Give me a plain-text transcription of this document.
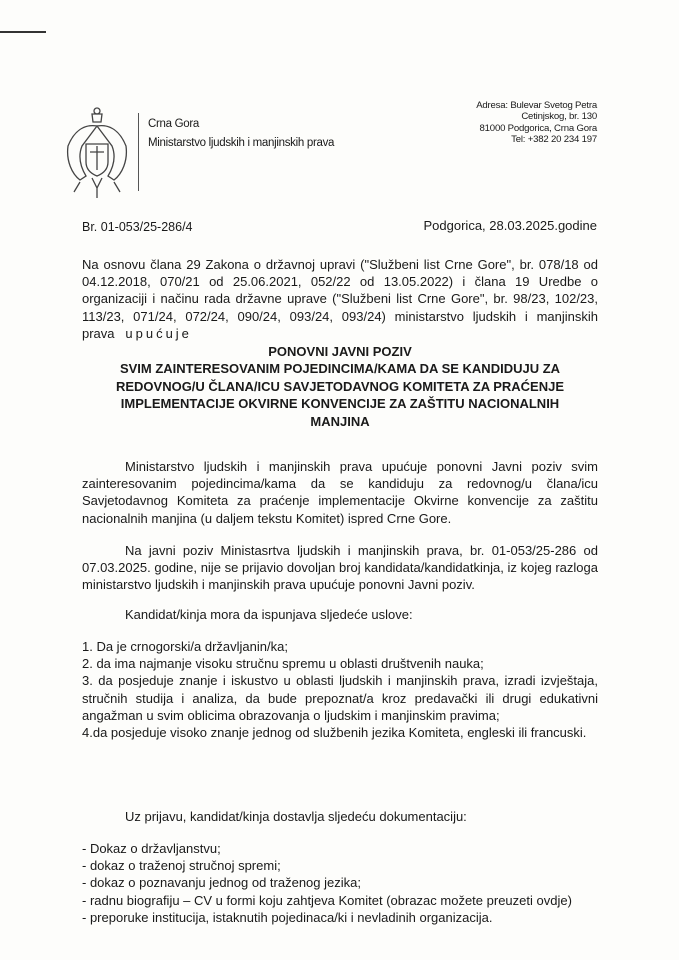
Crna Gora
Ministarstvo ljudskih i manjinskih prava
Adresa: Bulevar Svetog Petra
Cetinjskog, br. 130
81000 Podgorica, Crna Gora
Tel: +382 20 234 197
Br. 01-053/25-286/4	Podgorica, 28.03.2025.godine
Na osnovu člana 29 Zakona o državnoj upravi ("Službeni list Crne Gore", br. 078/18 od 04.12.2018, 070/21 od 25.06.2021, 052/22 od 13.05.2022) i člana 19 Uredbe o organizaciji i načinu rada državne uprave ("Službeni list Crne Gore", br. 98/23, 102/23, 113/23, 071/24, 072/24, 090/24, 093/24, 093/24) ministarstvo ljudskih i manjinskih prava upućuje
PONOVNI JAVNI POZIV
SVIM ZAINTERESOVANIM POJEDINCIMA/KAMA DA SE KANDIDUJU ZA
REDOVNOG/U ČLANA/ICU SAVJETODAVNOG KOMITETA ZA PRAĆENJE
IMPLEMENTACIJE OKVIRNE KONVENCIJE ZA ZAŠTITU NACIONALNIH
MANJINA

Ministarstvo ljudskih i manjinskih prava upućuje ponovni Javni poziv svim zainteresovanim pojedincima/kama da se kandiduju za redovnog/u člana/icu Savjetodavnog Komiteta za praćenje implementacije Okvirne konvencije za zaštitu nacionalnih manjina (u daljem tekstu Komitet) ispred Crne Gore.

Na javni poziv Ministasrtva ljudskih i manjinskih prava, br. 01-053/25-286 od 07.03.2025. godine, nije se prijavio dovoljan broj kandidata/kandidatkinja, iz kojeg razloga ministarstvo ljudskih i manjinskih prava upućuje ponovni Javni poziv.

Kandidat/kinja mora da ispunjava sljedeće uslove:

1. Da je crnogorski/a državljanin/ka;
2. da ima najmanje visoku stručnu spremu u oblasti društvenih nauka;
3. da posjeduje znanje i iskustvo u oblasti ljudskih i manjinskih prava, izradi izvještaja, stručnih studija i analiza, da bude prepoznat/a kroz predavački ili drugi edukativni angažman u svim oblicima obrazovanja o ljudskim i manjinskim pravima;
4.da posjeduje visoko znanje jednog od službenih jezika Komiteta, engleski ili francuski.

Uz prijavu, kandidat/kinja dostavlja sljedeću dokumentaciju:

- Dokaz o državljanstvu;
- dokaz o traženoj stručnoj spremi;
- dokaz o poznavanju jednog od traženog jezika;
- radnu biografiju – CV u formi koju zahtjeva Komitet (obrazac možete preuzeti ovdje)
- preporuke institucija, istaknutih pojedinaca/ki i nevladinih organizacija.
